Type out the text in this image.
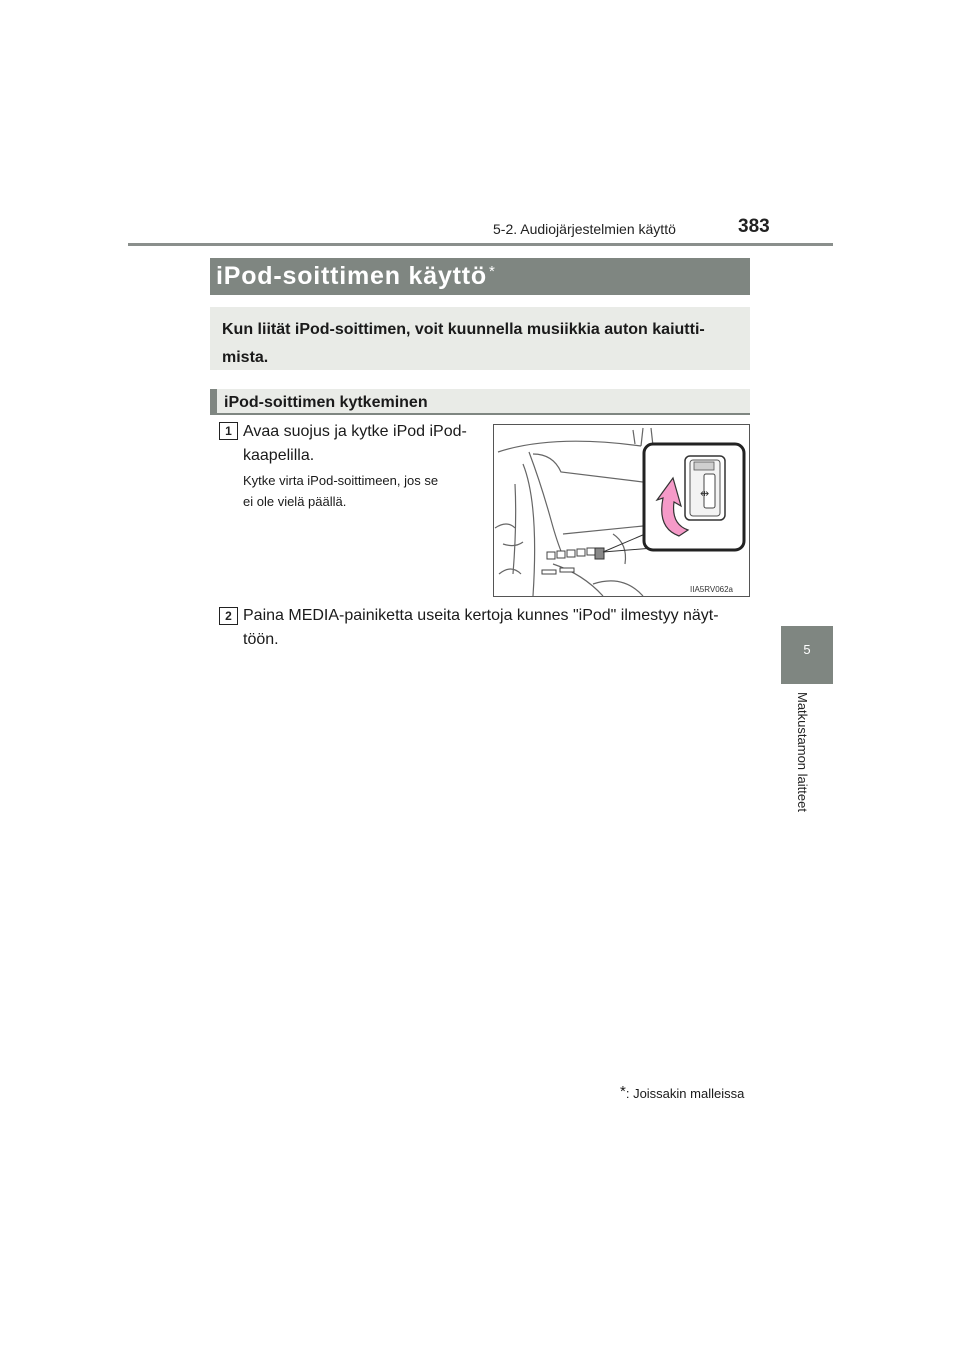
5-2. Audiojärjestelmien käyttö	383
5
Matkustamon laitteet
iPod-soittimen käyttö *
Kun liität iPod-soittimen, voit kuunnella musiikkia auton kaiutti-
mista.
iPod-soittimen kytkeminen
1 Avaa suojus ja kytke iPod iPod-
kaapelilla.
Kytke virta iPod-soittimeen, jos se
ei ole vielä päällä.	⇹
IIA5RV062a
2 Paina MEDIA-painiketta useita kertoja kunnes "iPod" ilmestyy näyt-
töön.
*: Joissakin malleissa
